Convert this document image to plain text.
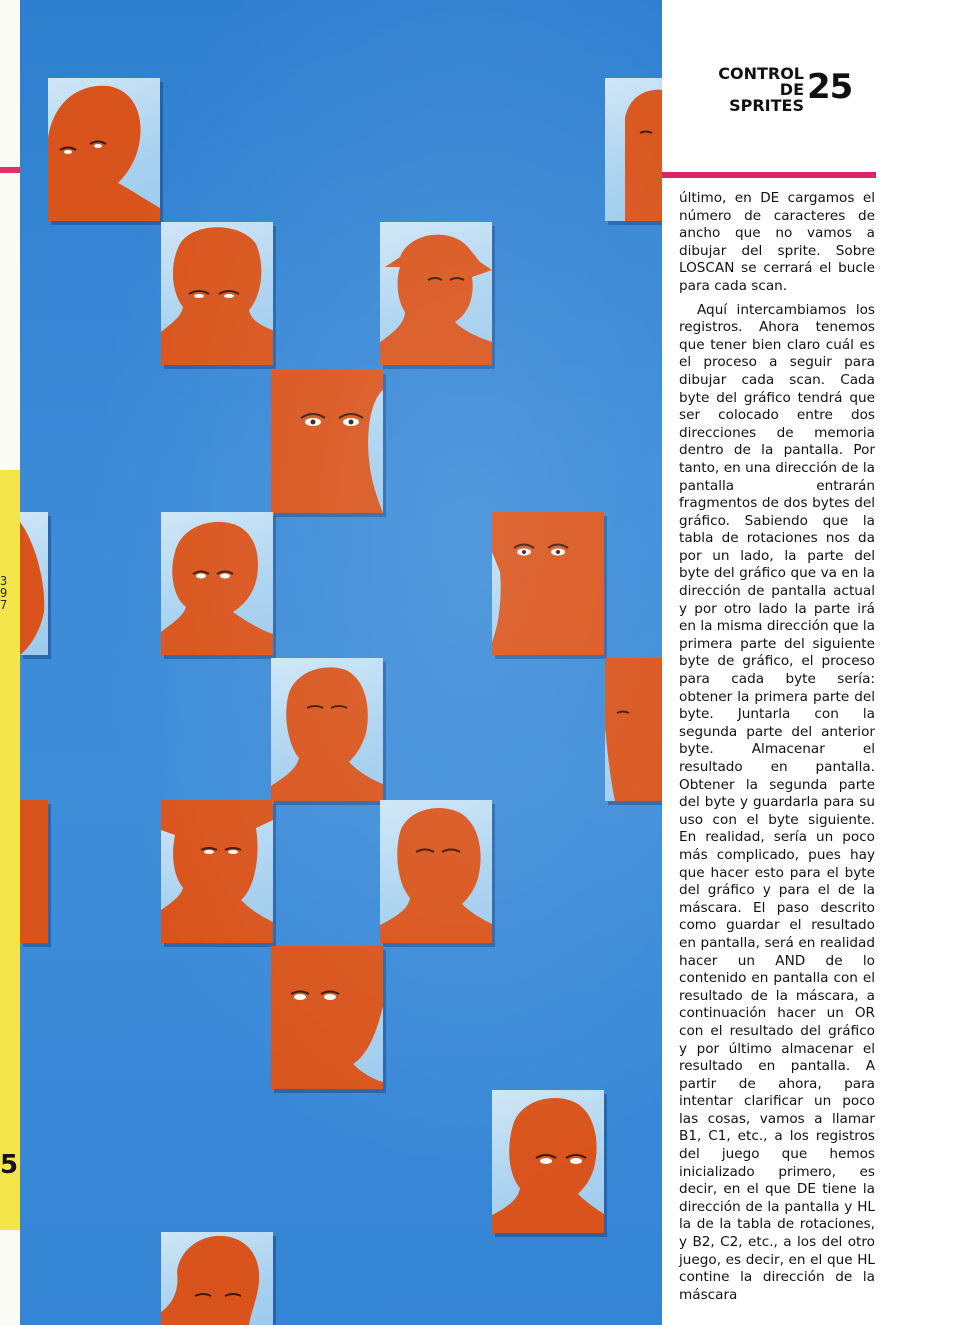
3
9
7
5
CONTROL
DE SPRITES 25

último, en DE cargamos el número de caracteres de ancho que no vamos a dibujar del sprite. Sobre LOSCAN se cerrará el bucle para cada scan.

Aquí intercambiamos los registros. Ahora tenemos que tener bien claro cuál es el proceso a seguir para dibujar cada scan. Cada byte del gráfico tendrá que ser colocado entre dos direcciones de memoria dentro de la pantalla. Por tanto, en una dirección de la pantalla entrarán fragmentos de dos bytes del gráfico. Sabiendo que la tabla de rotaciones nos da por un lado, la parte del byte del gráfico que va en la dirección de pantalla actual y por otro lado la parte irá en la misma dirección que la primera parte del siguiente byte de gráfico, el proceso para cada byte sería: obtener la primera parte del byte. Juntarla con la segunda parte del anterior byte. Almacenar el resultado en pantalla. Obtener la segunda parte del byte y guardarla para su uso con el byte siguiente. En realidad, sería un poco más complicado, pues hay que hacer esto para el byte del gráfico y para el de la máscara. El paso descrito como guardar el resultado en pantalla, será en realidad hacer un AND de lo contenido en pantalla con el resultado de la máscara, a continuación hacer un OR con el resultado del gráfico y por último almacenar el resultado en pantalla. A partir de ahora, para intentar clarificar un poco las cosas, vamos a llamar B1, C1, etc., a los registros del juego que hemos inicializado primero, es decir, en el que DE tiene la dirección de la pantalla y HL la de la tabla de rotaciones, y B2, C2, etc., a los del otro juego, es decir, en el que HL contine la dirección de la máscara
